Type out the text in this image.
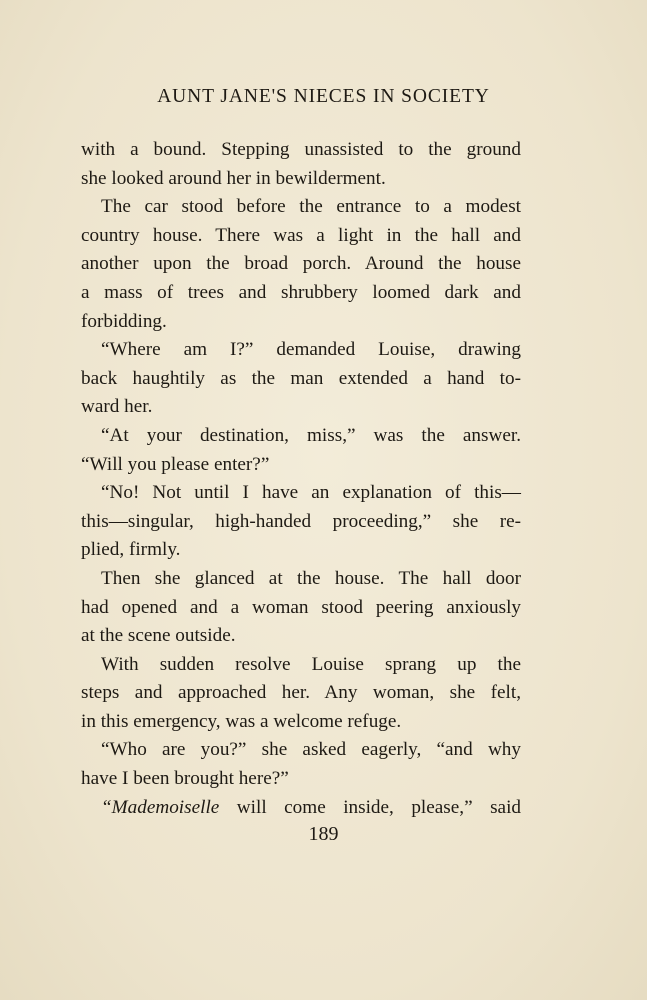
AUNT JANE'S NIECES IN SOCIETY
with a bound. Stepping unassisted to the ground
she looked around her in bewilderment.
The car stood before the entrance to a modest
country house. There was a light in the hall and
another upon the broad porch. Around the house
a mass of trees and shrubbery loomed dark and
forbidding.
“Where am I?” demanded Louise, drawing
back haughtily as the man extended a hand to-
ward her.
“At your destination, miss,” was the answer.
“Will you please enter?”
“No! Not until I have an explanation of this—
this—singular, high-handed proceeding,” she re-
plied, firmly.
Then she glanced at the house. The hall door
had opened and a woman stood peering anxiously
at the scene outside.
With sudden resolve Louise sprang up the
steps and approached her. Any woman, she felt,
in this emergency, was a welcome refuge.
“Who are you?” she asked eagerly, “and why
have I been brought here?”
“Mademoiselle will come inside, please,” said
189
